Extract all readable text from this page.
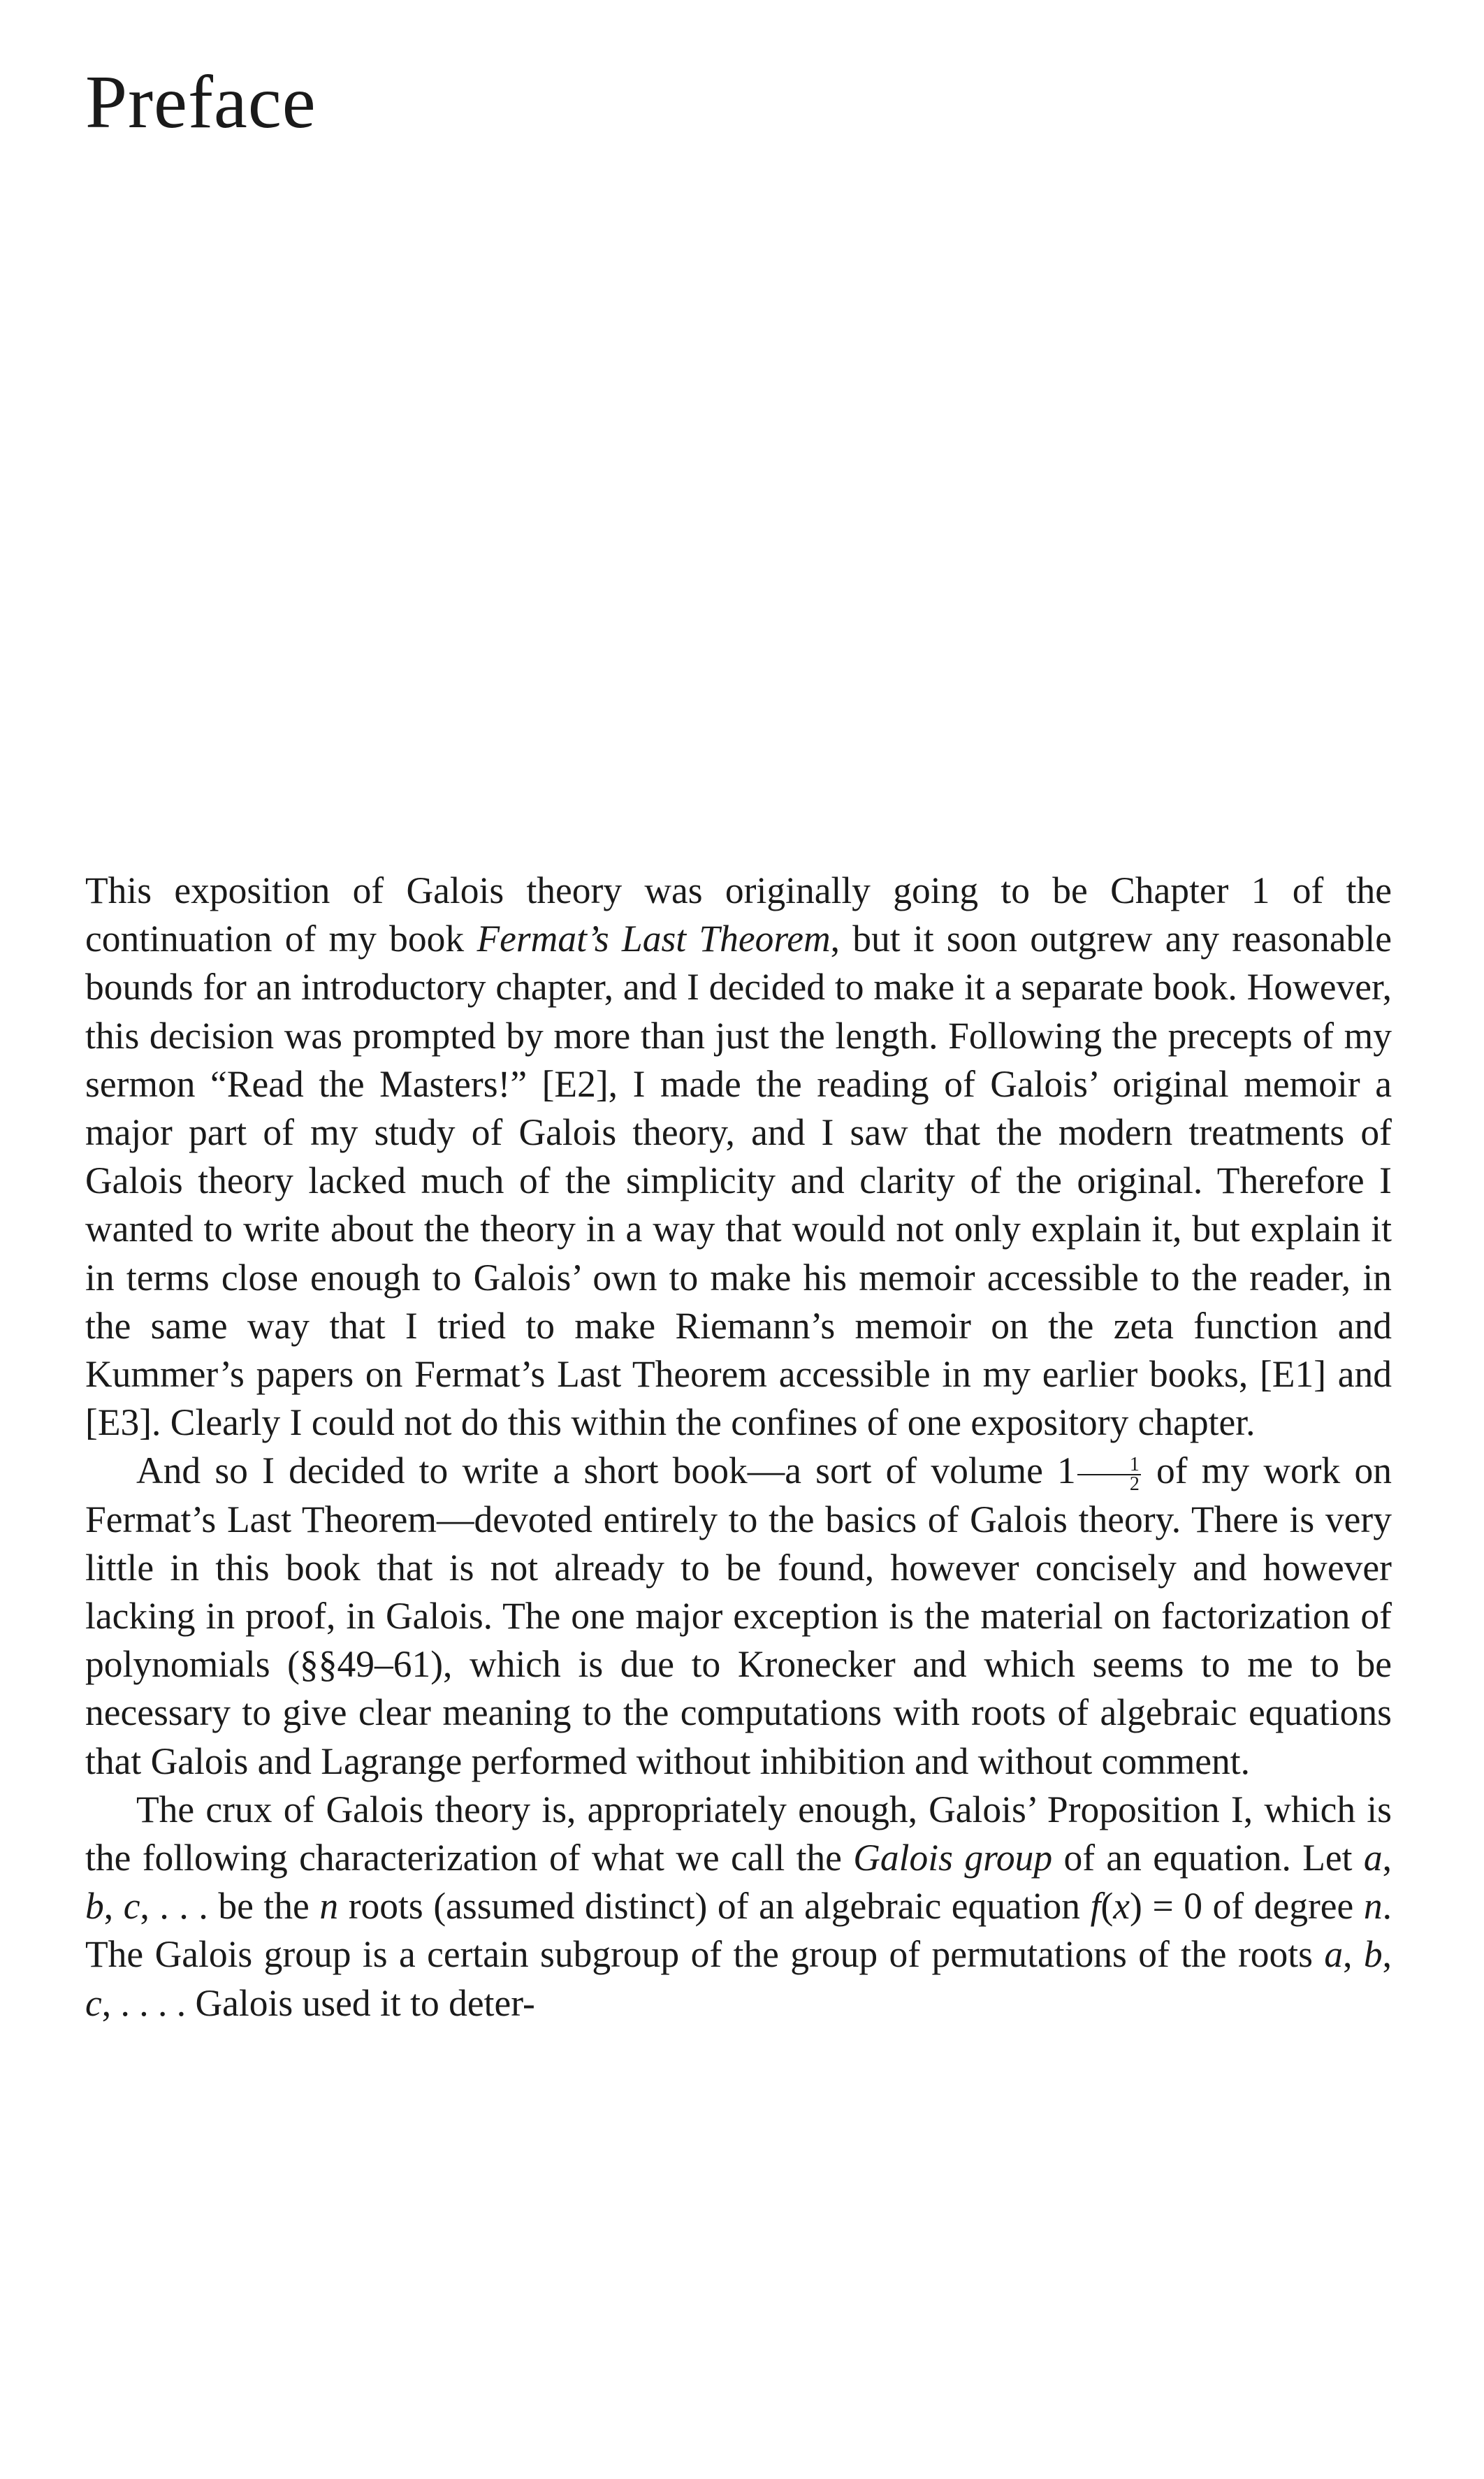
Preface

This exposition of Galois theory was originally going to be Chapter 1 of the continuation of my book Fermat’s Last Theorem, but it soon outgrew any reasonable bounds for an introductory chapter, and I decided to make it a separate book. However, this decision was prompted by more than just the length. Following the precepts of my sermon “Read the Masters!” [E2], I made the reading of Galois’ original memoir a major part of my study of Galois theory, and I saw that the modern treatments of Galois theory lacked much of the simplicity and clarity of the original. Therefore I wanted to write about the theory in a way that would not only explain it, but explain it in terms close enough to Galois’ own to make his memoir accessible to the reader, in the same way that I tried to make Riemann’s memoir on the zeta function and Kummer’s papers on Fermat’s Last Theorem accessible in my earlier books, [E1] and [E3]. Clearly I could not do this within the confines of one expository chapter.

And so I decided to write a short book—a sort of volume $1 \frac{1}{2}$ of my work on Fermat’s Last Theorem—devoted entirely to the basics of Galois theory. There is very little in this book that is not already to be found, however concisely and however lacking in proof, in Galois. The one major exception is the material on factorization of polynomials (§§49–61), which is due to Kronecker and which seems to me to be necessary to give clear meaning to the computations with roots of algebraic equations that Galois and Lagrange performed without inhibition and without comment.

The crux of Galois theory is, appropriately enough, Galois’ Proposition I, which is the following characterization of what we call the Galois group of an equation. Let a, b, c, . . . be the n roots (assumed distinct) of an algebraic equation f(x) = 0 of degree n. The Galois group is a certain subgroup of the group of permutations of the roots a, b, c, . . . . Galois used it to deter-
